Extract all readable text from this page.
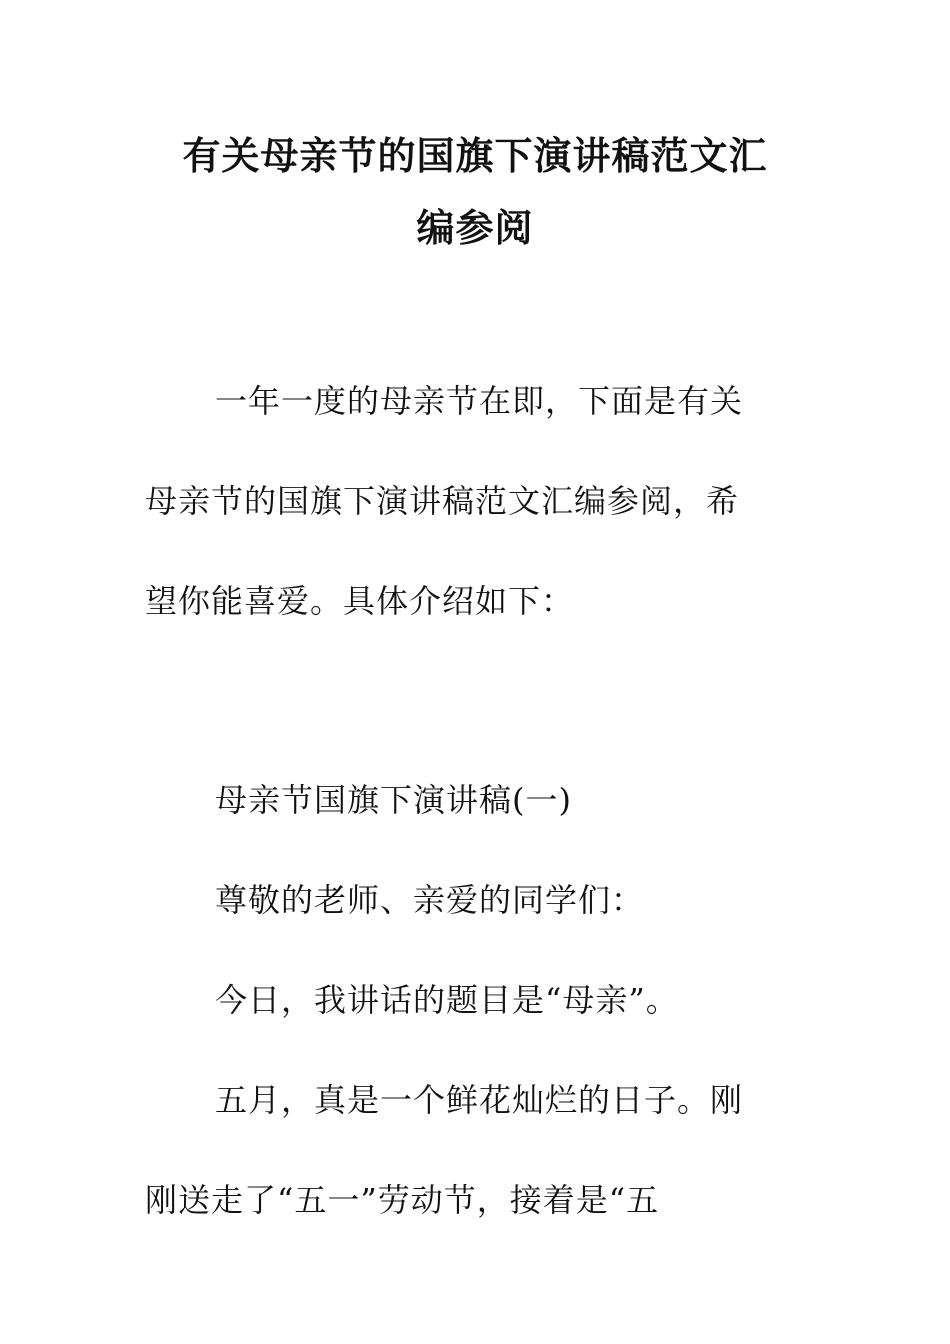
有关母亲节的国旗下演讲稿范文汇
编参阅
一年一度的母亲节在即，下面是有关
母亲节的国旗下演讲稿范文汇编参阅，希
望你能喜爱。具体介绍如下：
母亲节国旗下演讲稿(一)
尊敬的老师、亲爱的同学们：
今日，我讲话的题目是“母亲”。
五月，真是一个鲜花灿烂的日子。刚
刚送走了“五一”劳动节，接着是“五
